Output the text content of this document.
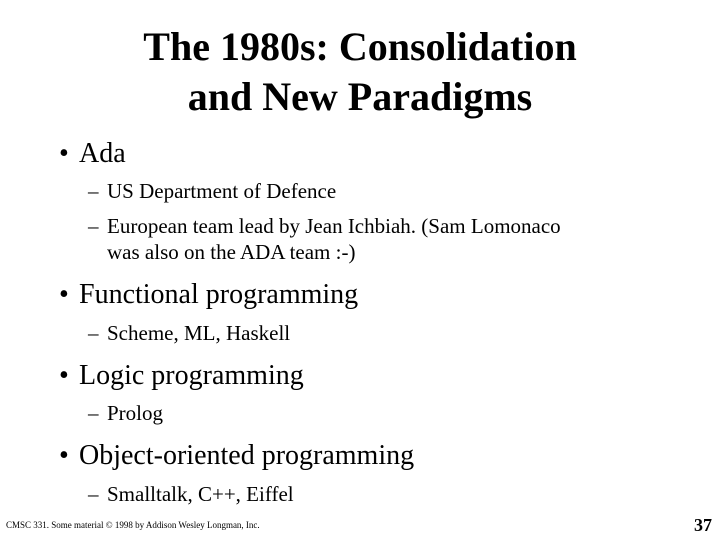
The 1980s: Consolidation
and New Paradigms
• Ada
– US Department of Defence
– European team lead by Jean Ichbiah. (Sam Lomonaco
was also on the ADA team :-)
• Functional programming
– Scheme, ML, Haskell
• Logic programming
– Prolog
• Object-oriented programming
– Smalltalk, C++, Eiffel
CMSC 331. Some material © 1998 by Addison Wesley Longman, Inc.	37
